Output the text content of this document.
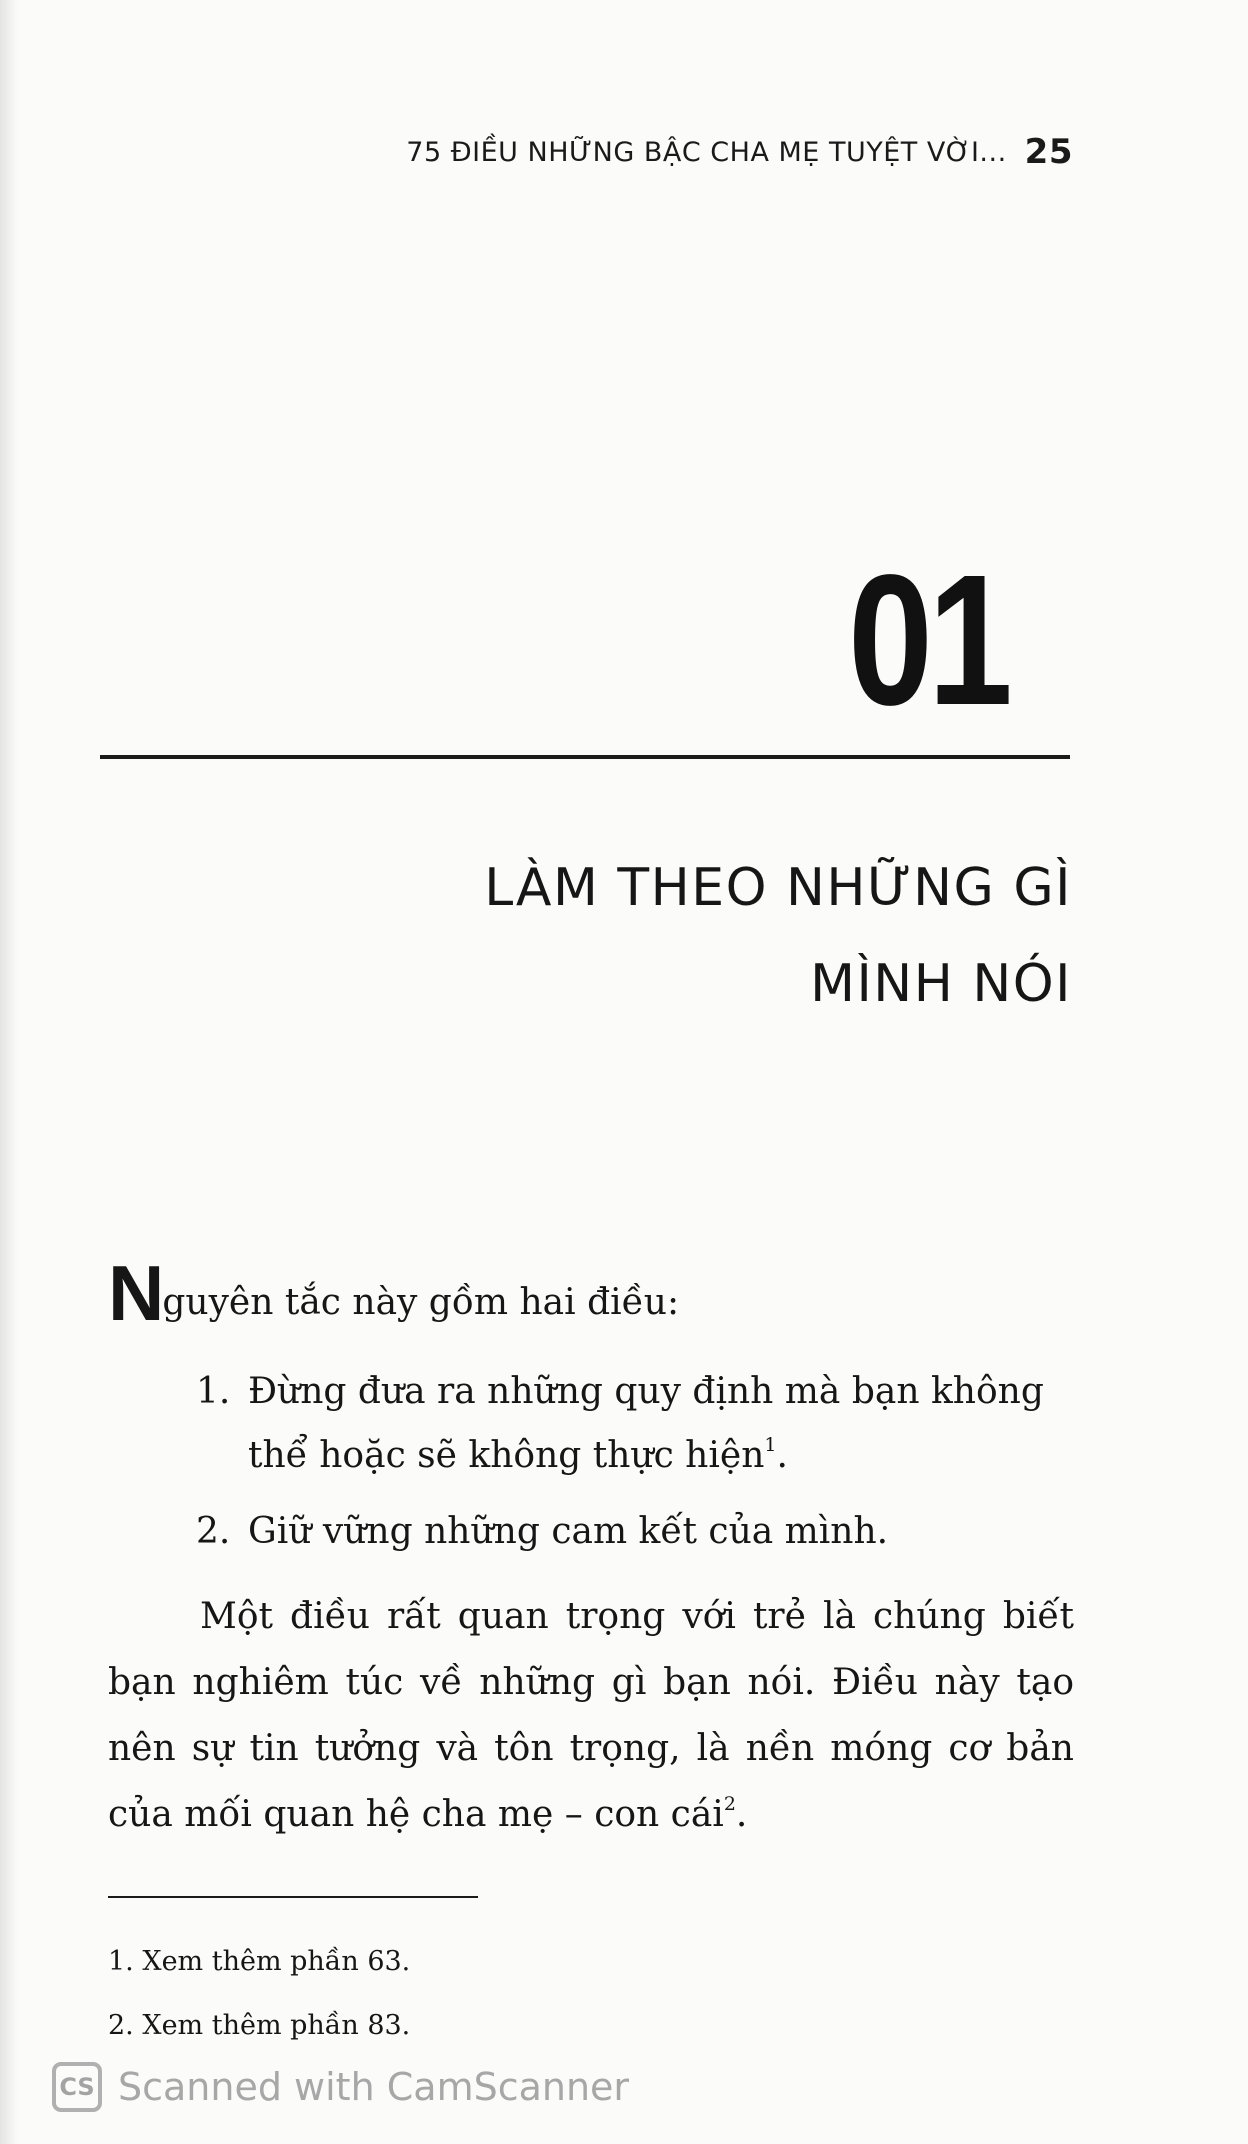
75 ĐIỀU NHỮNG BẬC CHA MẸ TUYỆT VỜI... 25
01
LÀM THEO NHỮNG GÌ
MÌNH NÓI
Nguyên tắc này gồm hai điều:
1. Đừng đưa ra những quy định mà bạn không thể hoặc sẽ không thực hiện$^1$.
2. Giữ vững những cam kết của mình.
Một điều rất quan trọng với trẻ là chúng biết bạn nghiêm túc về những gì bạn nói. Điều này tạo nên sự tin tưởng và tôn trọng, là nền móng cơ bản của mối quan hệ cha mẹ – con cái$^2$.
1. Xem thêm phần 63.
2. Xem thêm phần 83.
CS Scanned with CamScanner
